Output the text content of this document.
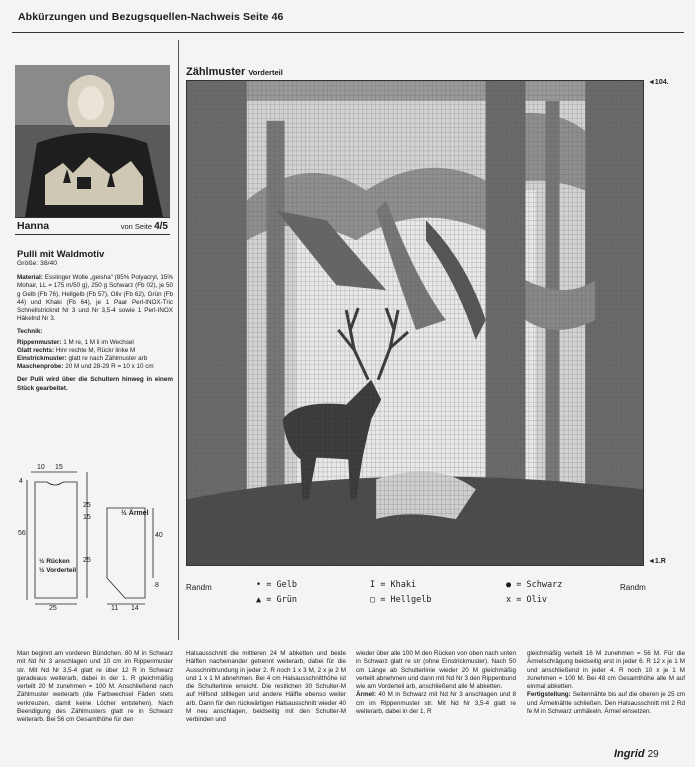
Abkürzungen und Bezugsquellen-Nachweis Seite 46
Hanna	von Seite 4/5
Pulli mit Waldmotiv
Größe: 38/40

Material: Esslinger Wolle „geisha“ (85% Polyacryl, 15% Mohair, LL = 175 m/50 g), 250 g Schwarz (Fb 02), je 50 g Gelb (Fb 76), Hellgelb (Fb 57), Oliv (Fb 62), Grün (Fb 44) und Khaki (Fb 64), je 1 Paar Perl-INOX-Tric Schnellstricknd Nr 3 und Nr 3,5-4 sowie 1 Perl-INOX Häkelnd Nr 3.

Technik:

Rippenmuster: 1 M re, 1 M li im Wechsel
Glatt rechts: Hinr rechte M, Rückr linke M
Einstrickmuster: glatt re nach Zählmuster arb
Maschenprobe: 20 M und 28-29 R = 10 x 10 cm

Der Pulli wird über die Schultern hinweg in einem Stück gearbeitet.

10 15
4
56
25
15
25
25
½ Rücken
½ Vorderteil
½ Ärmel
40
8
11 14
Zählmuster Vorderteil
◄104.
◄1.R
Randm	Randm
• = Gelb
▲ = Grün
I = Khaki
▢ = Hellgelb
● = Schwarz
x = Oliv
Man beginnt am vorderen Bündchen. 80 M in Schwarz mit Nd Nr 3 anschlagen und 10 cm im Rippenmuster str. Mit Nd Nr 3,5-4 glatt re über 12 R in Schwarz geradeaus weiterarb, dabei in der 1. R gleichmäßig verteilt 20 M zunehmen = 100 M. Anschließend nach Zählmuster weiterarb (die Farbwechsel Fäden stets verkreuzen, damit keine Löcher entstehen). Nach Beendigung des Zählmusters glatt re in Schwarz weiterarb. Bei 56 cm Gesamthöhe für den
Halsausschnitt die mittleren 24 M abketten und beide Hälften nacheinander getrennt weiterarb, dabei für die Ausschnittrundung in jeder 2. R noch 1 x 3 M, 2 x je 2 M und 1 x 1 M abnehmen. Bei 4 cm Halsausschnitthöhe ist die Schulterlinie erreicht. Die restlichen 30 Schulter-M auf Hilfsnd stilllegen und andere Hälfte ebenso weiter arb. Dann für den rückwärtigen Halsausschnitt wieder 40 M neu anschlagen, beidseitig mit den Schulter-M verbinden und
wieder über alle 100 M den Rücken von oben nach unten in Schwarz glatt re str (ohne Einstrickmuster). Nach 50 cm Länge ab Schulterlinie wieder 20 M gleichmäßig verteilt abnehmen und dann mit Nd Nr 3 den Rippenbund wie am Vorderteil arb, anschließend alle M abketten.
Ärmel: 40 M in Schwarz mit Nd Nr 3 anschlagen und 8 cm im Rippenmuster str. Mit Nd Nr 3,5-4 glatt re weiterarb, dabei in der 1. R
gleichmäßig verteilt 16 M zunehmen = 56 M. Für die Ärmelschrägung beidseitig erst in jeder 6. R 12 x je 1 M und anschließend in jeder 4. R noch 10 x je 1 M zunehmen = 100 M. Bei 48 cm Gesamthöhe alle M auf einmal abketten.
Fertigstellung: Seitennähte bis auf die oberen je 25 cm und Ärmelnähte schließen. Den Halsausschnitt mit 2 Rd fe M in Schwarz umhäkeln. Ärmel einsetzen.
Ingrid 29
